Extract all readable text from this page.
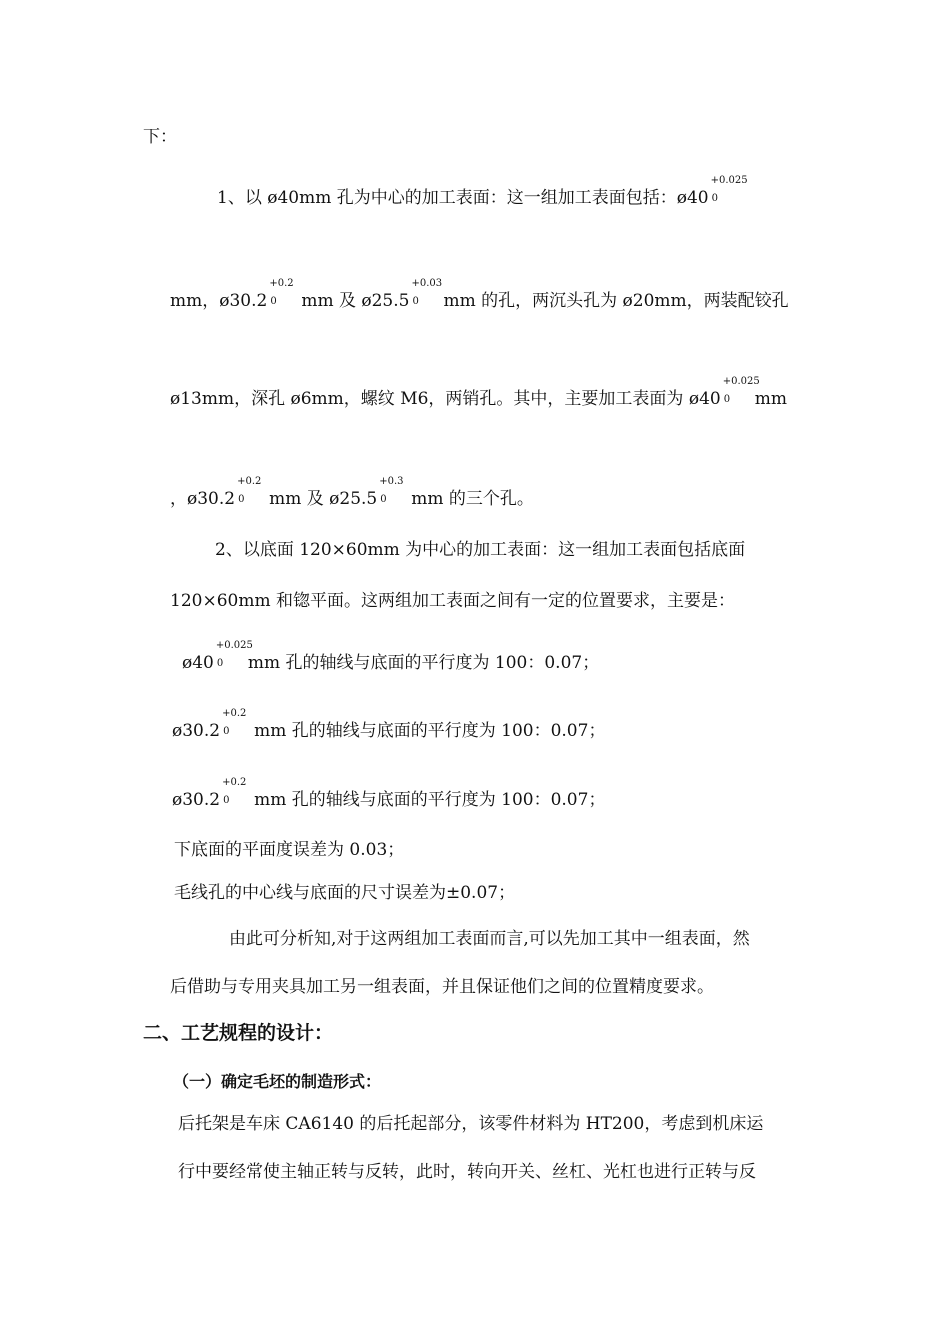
下：
1、以 ø40mm 孔为中心的加工表面：这一组加工表面包括：ø40
+0.025
0
mm，ø30.2
+0.2
0 mm 及 ø25.5
+0.03
0 mm 的孔，两沉头孔为 ø20mm，两装配铰孔
ø13mm，深孔 ø6mm，螺纹 M6，两销孔。其中，主要加工表面为 ø40
+0.025
0 mm
，ø30.2
+0.2
0 mm 及 ø25.5
+0.3
0 mm 的三个孔。
2、以底面 120×60mm 为中心的加工表面：这一组加工表面包括底面
120×60mm 和锪平面。这两组加工表面之间有一定的位置要求，主要是：
ø40
+0.025
0 mm 孔的轴线与底面的平行度为 100：0.07；
ø30.2
+0.2
0 mm 孔的轴线与底面的平行度为 100：0.07；
ø30.2
+0.2
0 mm 孔的轴线与底面的平行度为 100：0.07；
下底面的平面度误差为 0.03；
毛线孔的中心线与底面的尺寸误差为±0.07；
由此可分析知,对于这两组加工表面而言,可以先加工其中一组表面，然
后借助与专用夹具加工另一组表面，并且保证他们之间的位置精度要求。
二、工艺规程的设计：
（一）确定毛坯的制造形式：
后托架是车床 CA6140 的后托起部分，该零件材料为 HT200，考虑到机床运
行中要经常使主轴正转与反转，此时，转向开关、丝杠、光杠也进行正转与反
